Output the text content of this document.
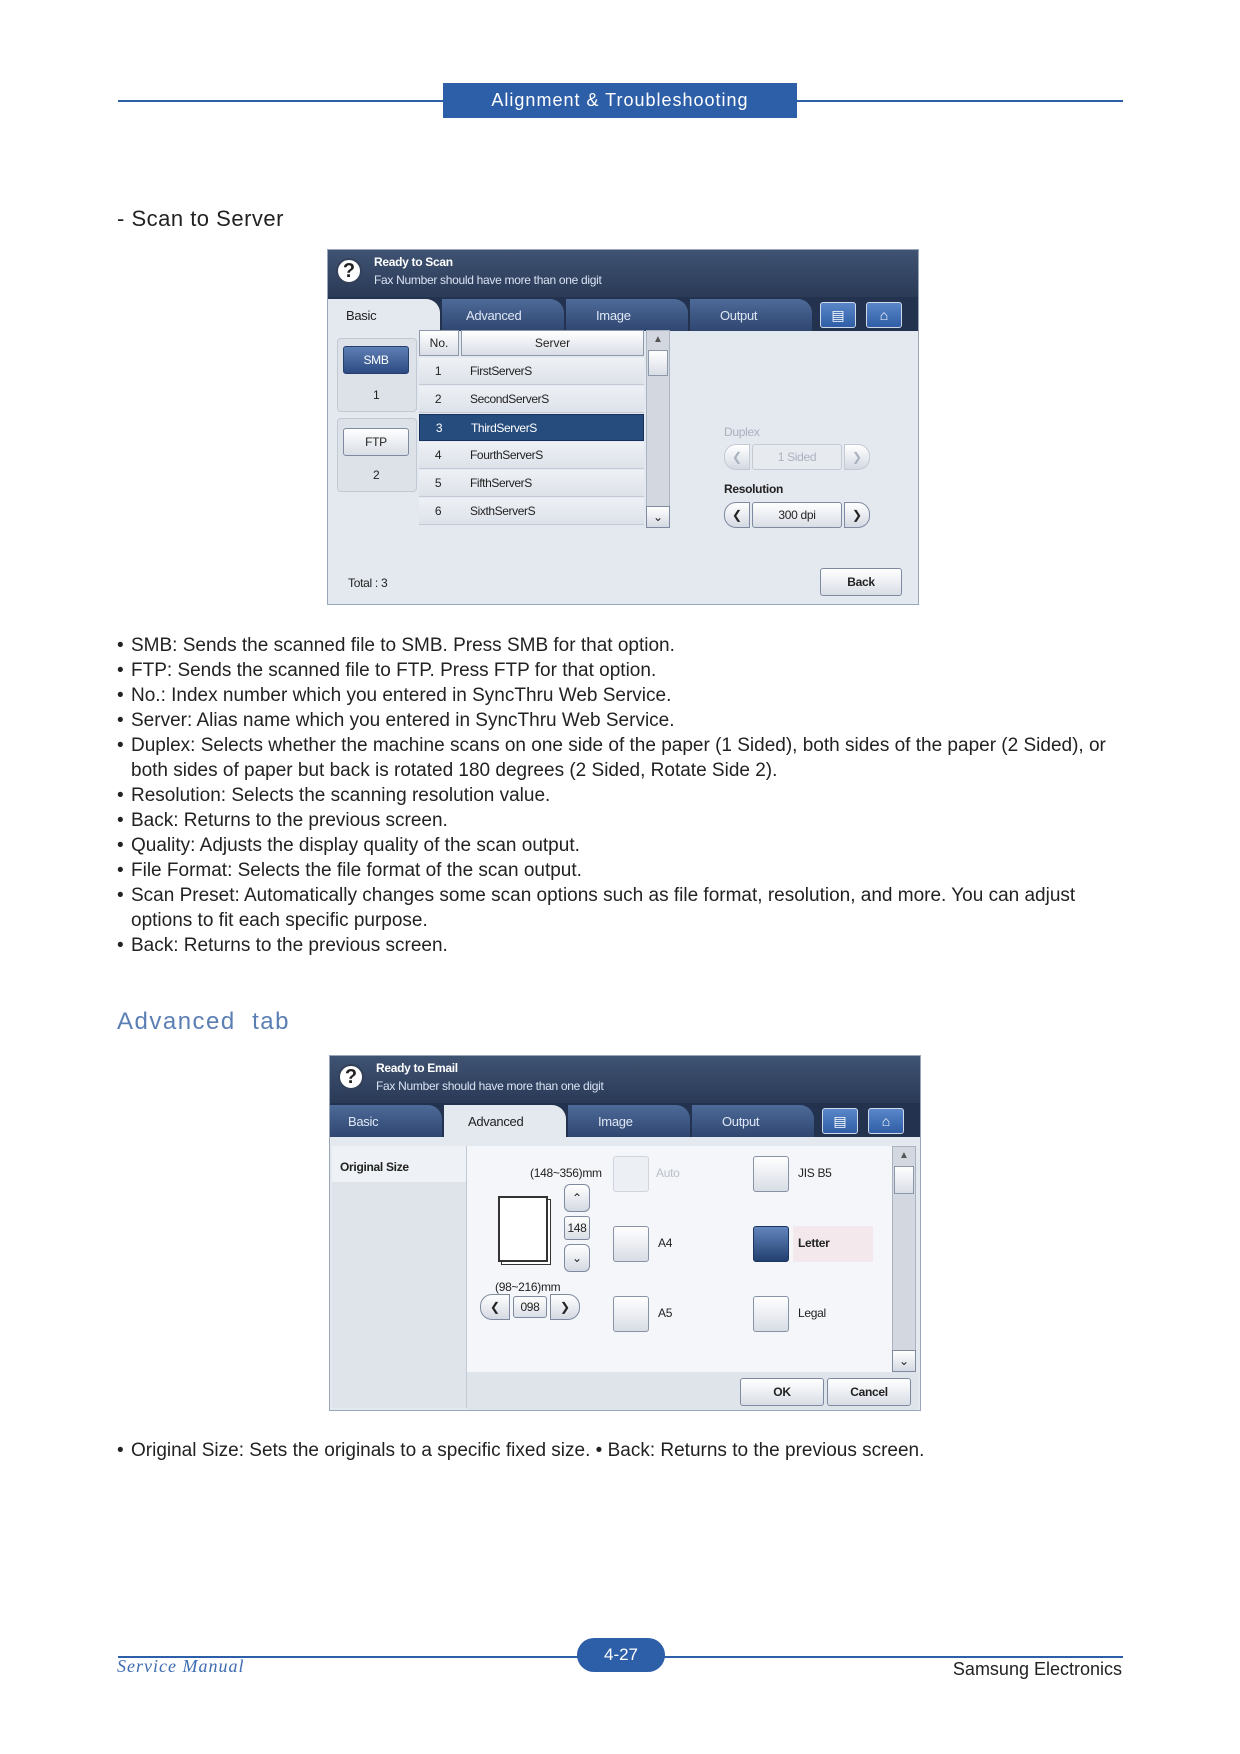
Alignment & Troubleshooting
- Scan to Server
?	Ready to Scan
Fax Number should have more than one digit
Basic	Advanced	Image	Output	▤	⌂
SMB
1
FTP
2
No.	Server
1	FirstServerS
2	SecondServerS
3	ThirdServerS
4	FourthServerS
5	FifthServerS
6	SixthServerS
▲
⌄
Duplex
❮	1 Sided	❯
Resolution
❮	300 dpi	❯
Total : 3	Back
• SMB: Sends the scanned file to SMB. Press SMB for that option.
• FTP: Sends the scanned file to FTP. Press FTP for that option.
• No.: Index number which you entered in SyncThru Web Service.
• Server: Alias name which you entered in SyncThru Web Service.
• Duplex: Selects whether the machine scans on one side of the paper (1 Sided), both sides of the paper (2 Sided), or both sides of paper but back is rotated 180 degrees (2 Sided, Rotate Side 2).
• Resolution: Selects the scanning resolution value.
• Back: Returns to the previous screen.
• Quality: Adjusts the display quality of the scan output.
• File Format: Selects the file format of the scan output.
• Scan Preset: Automatically changes some scan options such as file format, resolution, and more. You can adjust options to fit each specific purpose.
• Back: Returns to the previous screen.
Advanced  tab
?	Ready to Email
Fax Number should have more than one digit
Basic	Advanced	Image	Output	▤	⌂
Original Size	(148~356)mm
⌃
148
⌄
(98~216)mm
❮	098	❯
Auto
A4
A5
JIS B5
Letter
Legal
▲
⌄
OK	Cancel
• Original Size: Sets the originals to a specific fixed size. • Back: Returns to the previous screen.
4-27
Service Manual	Samsung Electronics
